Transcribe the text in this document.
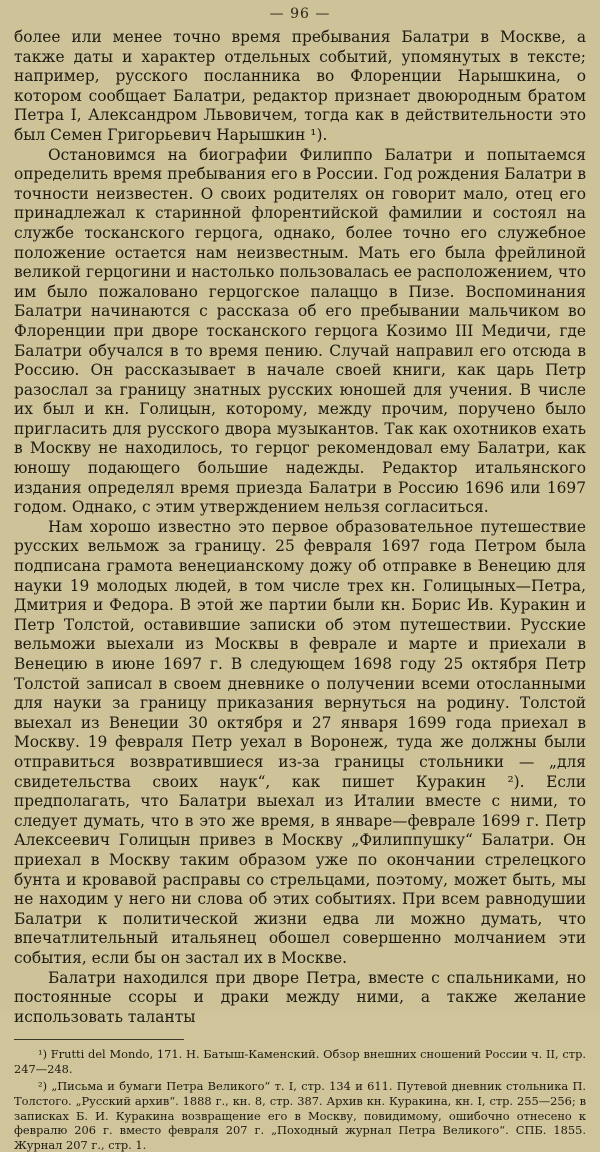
— 96 —

более или менее точно время пребывания Балатри в Москве, а также даты и характер отдельных событий, упомянутых в тексте; например, русского посланника во Флоренции Нарышкина, о котором сообщает Балатри, редактор признает двоюродным братом Петра I, Александром Львовичем, тогда как в действительности это был Семен Григорьевич Нарышкин ¹).

Остановимся на биографии Филиппо Балатри и попытаемся определить время пребывания его в России. Год рождения Балатри в точности неизвестен. О своих родителях он говорит мало, отец его принадлежал к старинной флорентийской фамилии и состоял на службе тосканского герцога, однако, более точно его служебное положение остается нам неизвестным. Мать его была фрейлиной великой герцогини и настолько пользовалась ее расположением, что им было пожаловано герцогское палаццо в Пизе. Воспоминания Балатри начинаются с рассказа об его пребывании мальчиком во Флоренции при дворе тосканского герцога Козимо III Медичи, где Балатри обучался в то время пению. Случай направил его отсюда в Россию. Он рассказывает в начале своей книги, как царь Петр разослал за границу знатных русских юношей для учения. В числе их был и кн. Голицын, которому, между прочим, поручено было пригласить для русского двора музыкантов. Так как охотников ехать в Москву не находилось, то герцог рекомендовал ему Балатри, как юношу подающего большие надежды. Редактор итальянского издания определял время приезда Балатри в Россию 1696 или 1697 годом. Однако, с этим утверждением нельзя согласиться.

Нам хорошо известно это первое образовательное путешествие русских вельмож за границу. 25 февраля 1697 года Петром была подписана грамота венецианскому дожу об отправке в Венецию для науки 19 молодых людей, в том числе трех кн. Голицыных—Петра, Дмитрия и Федора. В этой же партии были кн. Борис Ив. Куракин и Петр Толстой, оставившие записки об этом путешествии. Русские вельможи выехали из Москвы в феврале и марте и приехали в Венецию в июне 1697 г. В следующем 1698 году 25 октября Петр Толстой записал в своем дневнике о получении всеми отосланными для науки за границу приказания вернуться на родину. Толстой выехал из Венеции 30 октября и 27 января 1699 года приехал в Москву. 19 февраля Петр уехал в Воронеж, туда же должны были отправиться возвратившиеся из-за границы стольники — „для свидетельства своих наук“, как пишет Куракин ²). Если предполагать, что Балатри выехал из Италии вместе с ними, то следует думать, что в это же время, в январе—феврале 1699 г. Петр Алексеевич Голицын привез в Москву „Филиппушку“ Балатри. Он приехал в Москву таким образом уже по окончании стрелецкого бунта и кровавой расправы со стрельцами, поэтому, может быть, мы не находим у него ни слова об этих событиях. При всем равнодушии Балатри к политической жизни едва ли можно думать, что впечатлительный итальянец обошел совершенно молчанием эти события, если бы он застал их в Москве.

Балатри находился при дворе Петра, вместе с спальниками, но постоянные ссоры и драки между ними, а также желание использовать таланты

¹) Frutti del Mondo, 171. Н. Батыш-Каменский. Обзор внешних сношений России ч. II, стр. 247—248.

²) „Письма и бумаги Петра Великого“ т. I, стр. 134 и 611. Путевой дневник стольника П. Толстого. „Русский архив“. 1888 г., кн. 8, стр. 387. Архив кн. Куракина, кн. I, стр. 255—256; в записках Б. И. Куракина возвращение его в Москву, повидимому, ошибочно отнесено к февралю 206 г. вместо февраля 207 г. „Походный журнал Петра Великого“. СПБ. 1855. Журнал 207 г., стр. 1.
